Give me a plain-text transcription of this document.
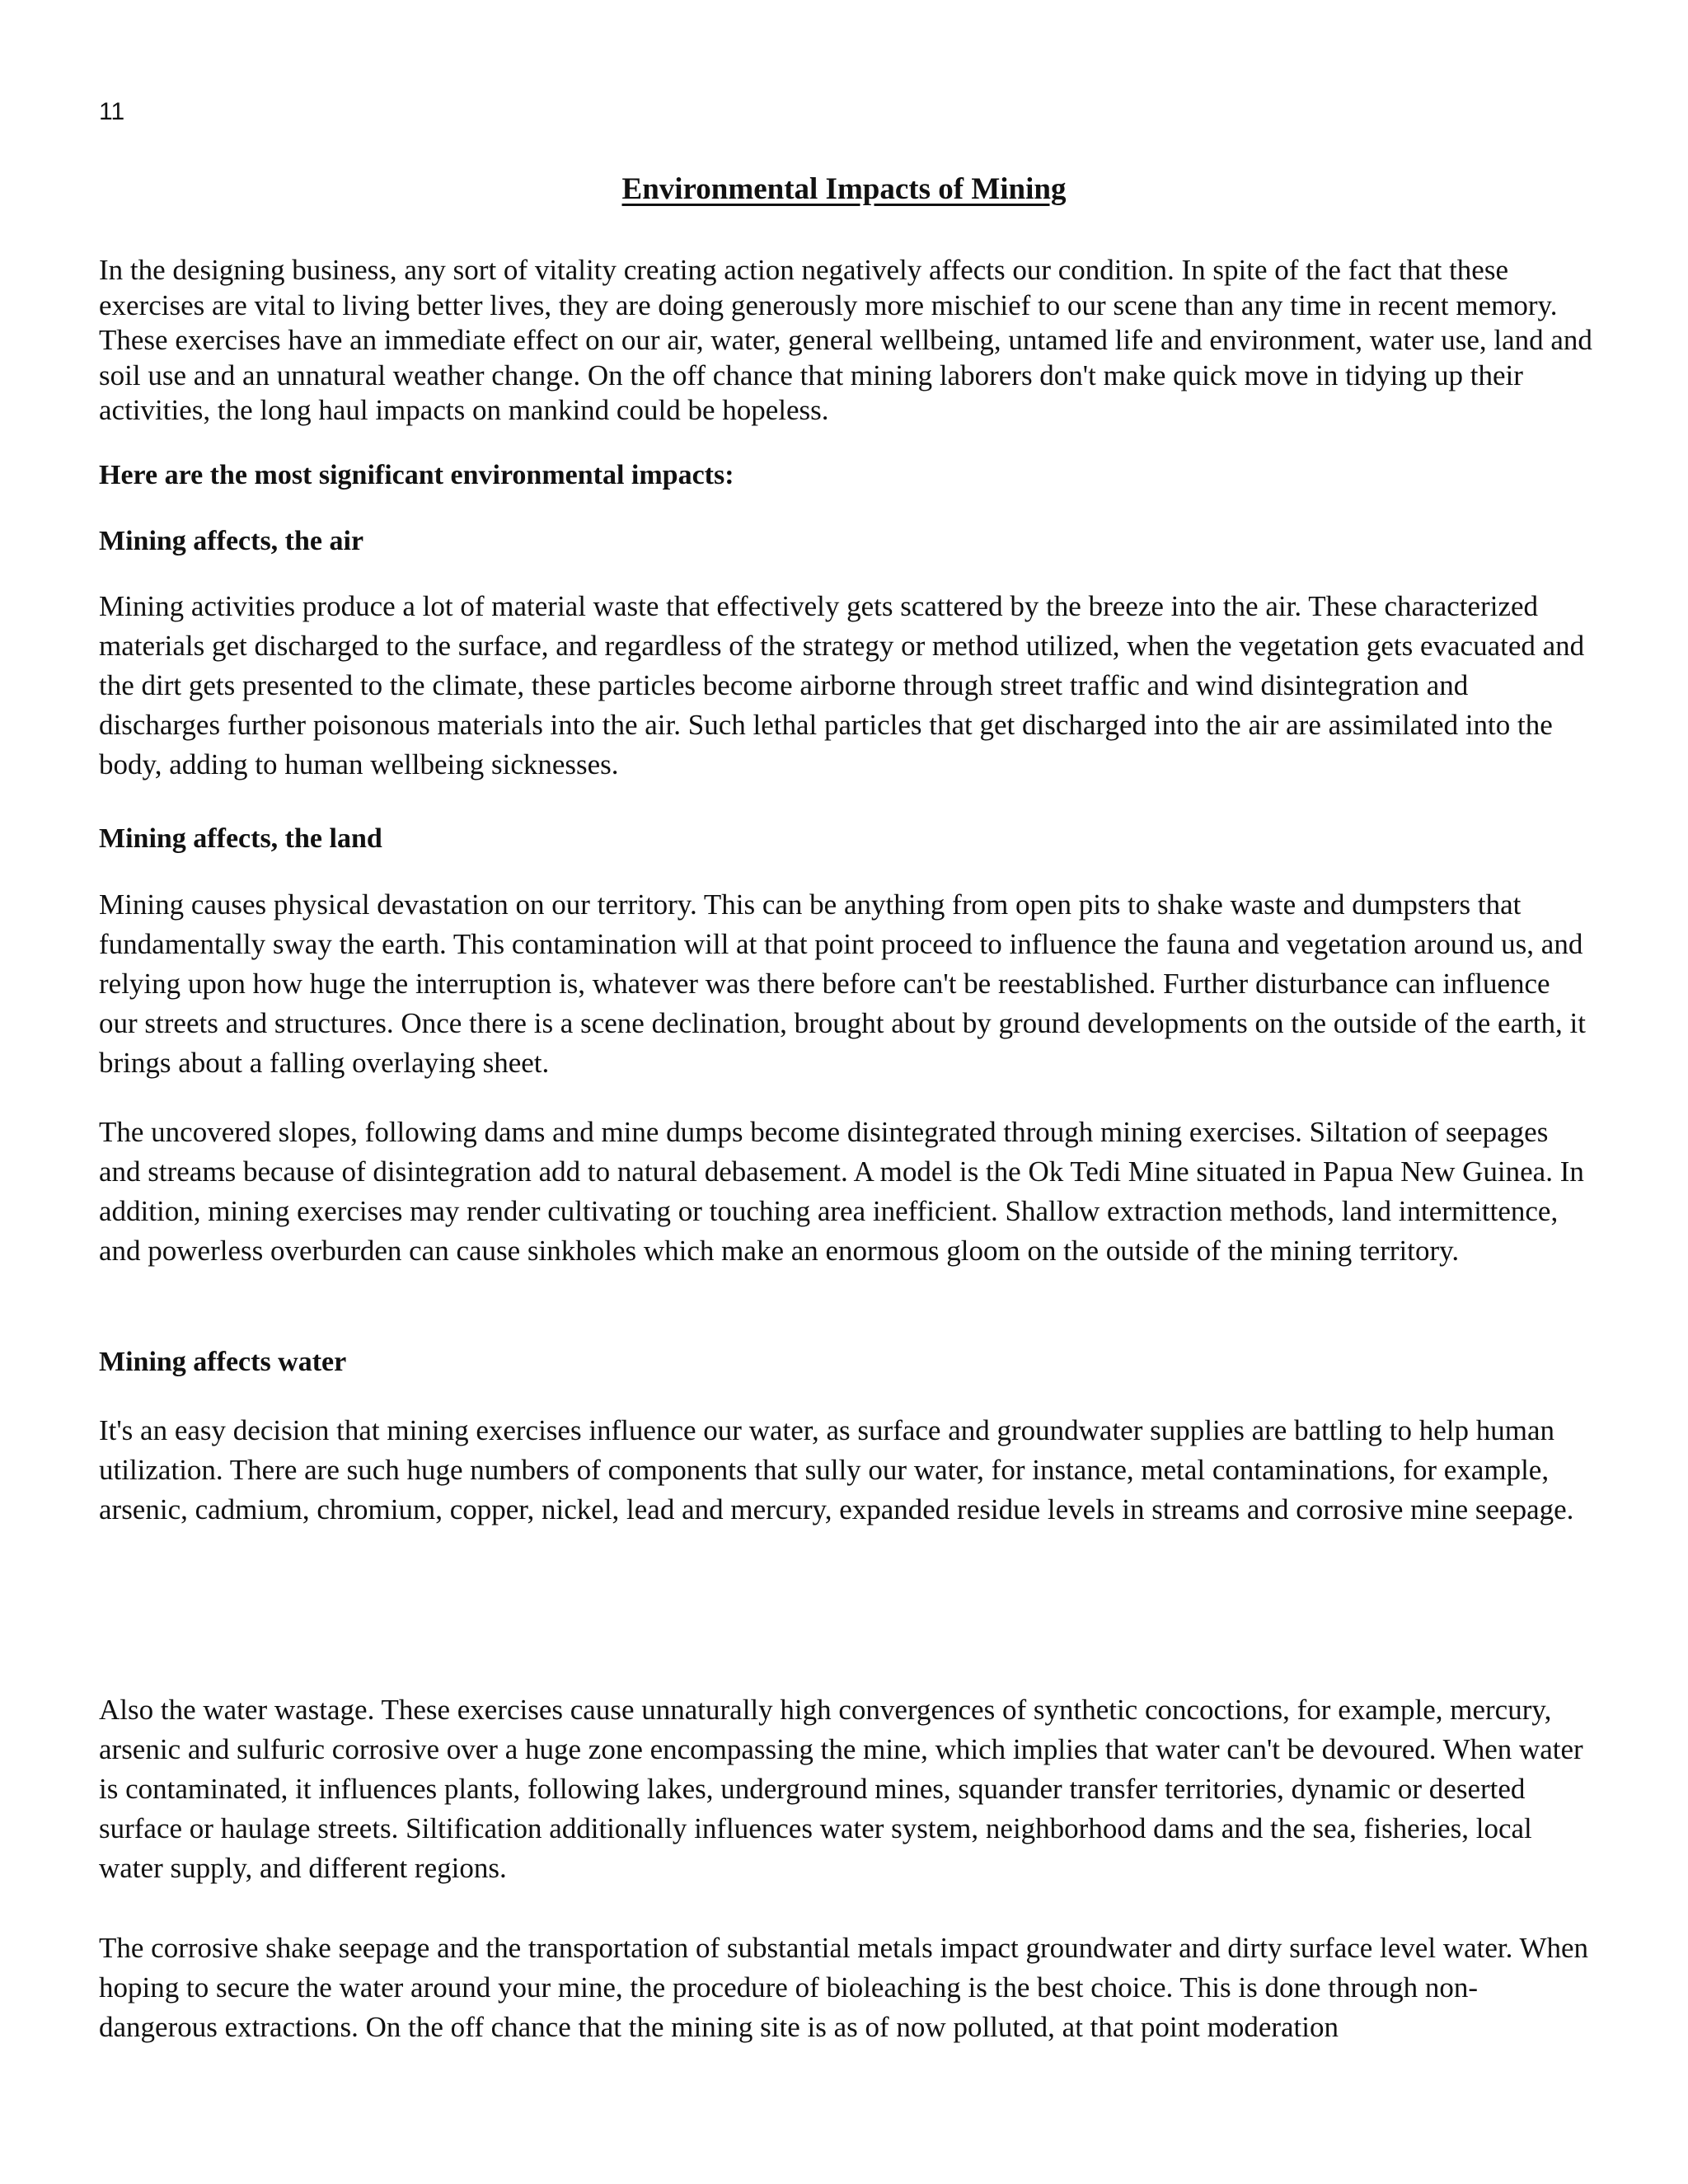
11
Environmental Impacts of Mining

In the designing business, any sort of vitality creating action negatively affects our condition. In spite of the fact that these exercises are vital to living better lives, they are doing generously more mischief to our scene than any time in recent memory. These exercises have an immediate effect on our air, water, general wellbeing, untamed life and environment, water use, land and soil use and an unnatural weather change. On the off chance that mining laborers don't make quick move in tidying up their activities, the long haul impacts on mankind could be hopeless.

Here are the most significant environmental impacts:
Mining affects, the air

Mining activities produce a lot of material waste that effectively gets scattered by the breeze into the air. These characterized materials get discharged to the surface, and regardless of the strategy or method utilized, when the vegetation gets evacuated and the dirt gets presented to the climate, these particles become airborne through street traffic and wind disintegration and discharges further poisonous materials into the air. Such lethal particles that get discharged into the air are assimilated into the body, adding to human wellbeing sicknesses.

Mining affects, the land

Mining causes physical devastation on our territory. This can be anything from open pits to shake waste and dumpsters that fundamentally sway the earth. This contamination will at that point proceed to influence the fauna and vegetation around us, and relying upon how huge the interruption is, whatever was there before can't be reestablished. Further disturbance can influence our streets and structures. Once there is a scene declination, brought about by ground developments on the outside of the earth, it brings about a falling overlaying sheet.

The uncovered slopes, following dams and mine dumps become disintegrated through mining exercises. Siltation of seepages and streams because of disintegration add to natural debasement. A model is the Ok Tedi Mine situated in Papua New Guinea. In addition, mining exercises may render cultivating or touching area inefficient. Shallow extraction methods, land intermittence, and powerless overburden can cause sinkholes which make an enormous gloom on the outside of the mining territory.

Mining affects water

It's an easy decision that mining exercises influence our water, as surface and groundwater supplies are battling to help human utilization. There are such huge numbers of components that sully our water, for instance, metal contaminations, for example, arsenic, cadmium, chromium, copper, nickel, lead and mercury, expanded residue levels in streams and corrosive mine seepage.

Also the water wastage. These exercises cause unnaturally high convergences of synthetic concoctions, for example, mercury, arsenic and sulfuric corrosive over a huge zone encompassing the mine, which implies that water can't be devoured. When water is contaminated, it influences plants, following lakes, underground mines, squander transfer territories, dynamic or deserted surface or haulage streets. Siltification additionally influences water system, neighborhood dams and the sea, fisheries, local water supply, and different regions.

The corrosive shake seepage and the transportation of substantial metals impact groundwater and dirty surface level water. When hoping to secure the water around your mine, the procedure of bioleaching is the best choice. This is done through non-dangerous extractions. On the off chance that the mining site is as of now polluted, at that point moderation
